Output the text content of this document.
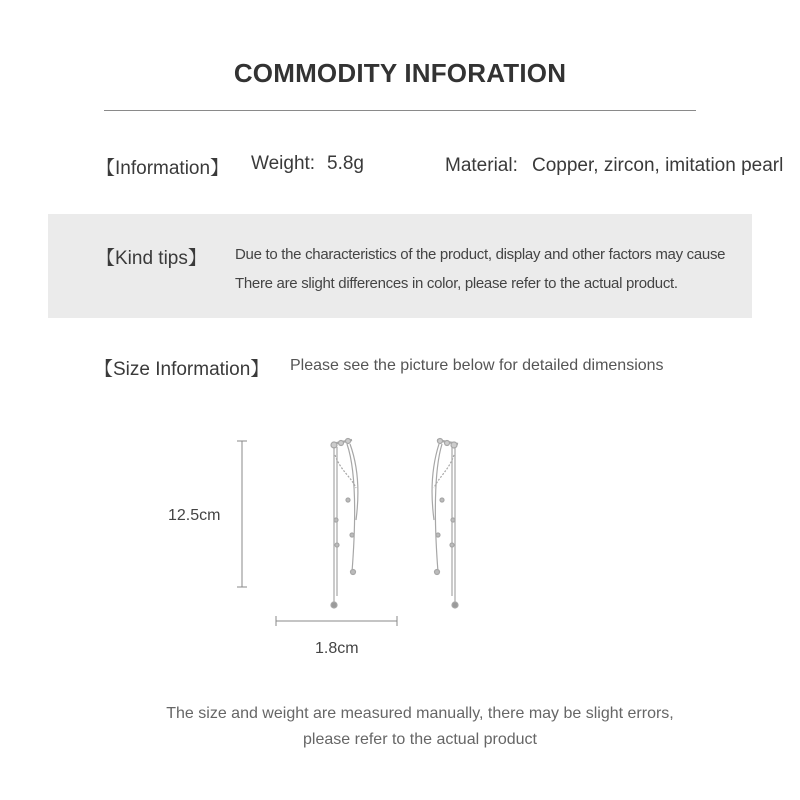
COMMODITY INFORATION
【Information】 Weight: 5.8g	Material: Copper, zircon, imitation pearl
【Kind tips】 Due to the characteristics of the product, display and other factors may cause
There are slight differences in color, please refer to the actual product.
【Size Information】 Please see the picture below for detailed dimensions
12.5cm
1.8cm
The size and weight are measured manually, there may be slight errors,
please refer to the actual product
